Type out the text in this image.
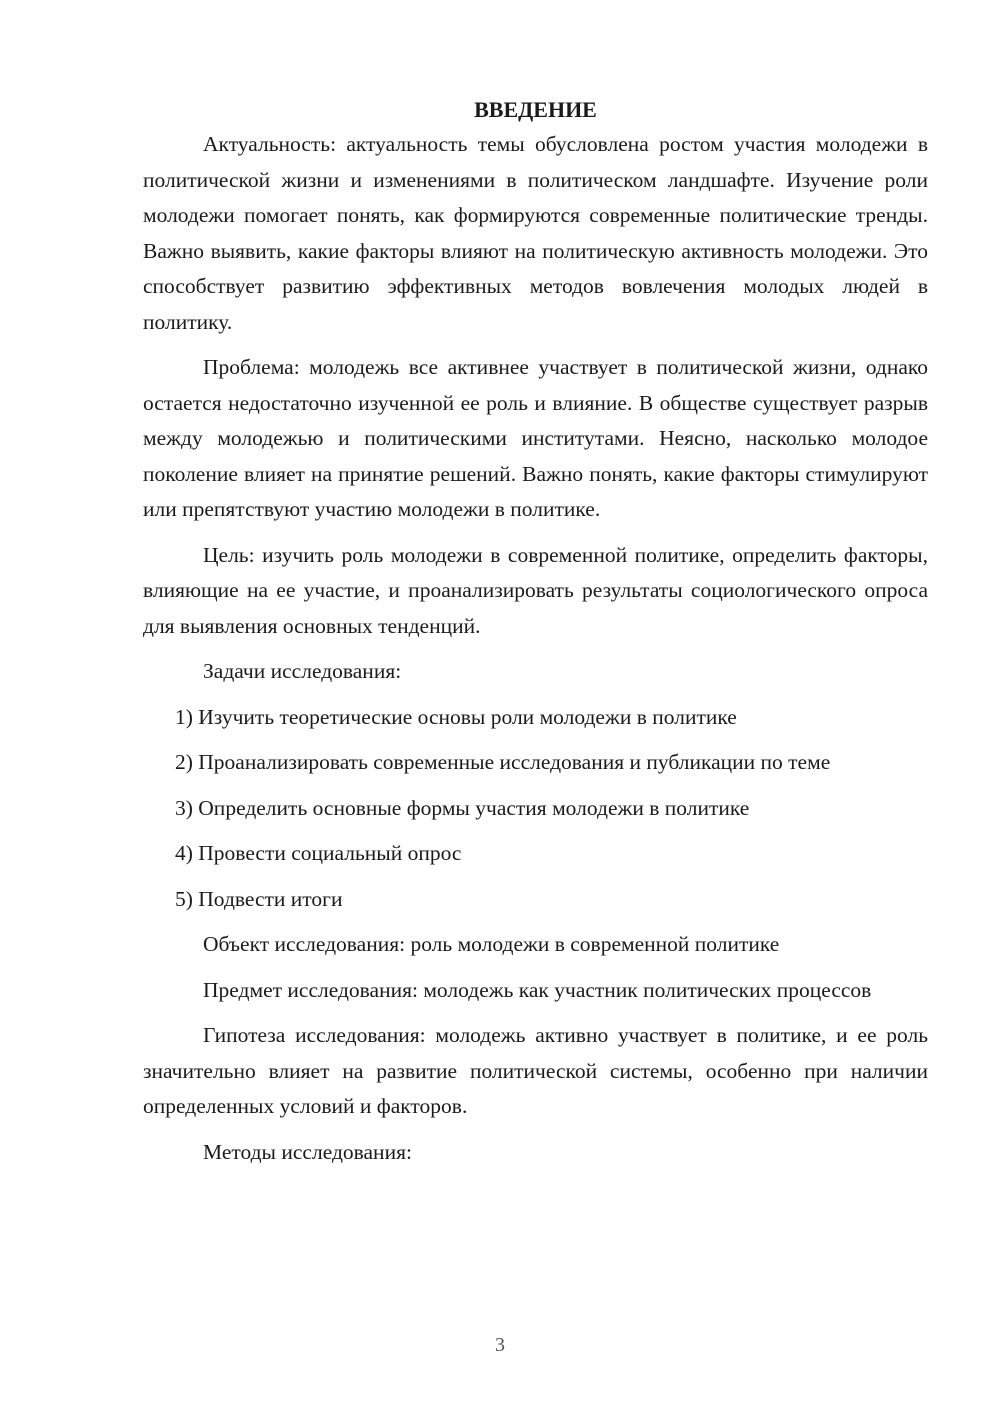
ВВЕДЕНИЕ

Актуальность: актуальность темы обусловлена ростом участия молодежи в политической жизни и изменениями в политическом ландшафте. Изучение роли молодежи помогает понять, как формируются современные политические тренды. Важно выявить, какие факторы влияют на политическую активность молодежи. Это способствует развитию эффективных методов вовлечения молодых людей в политику.

Проблема: молодежь все активнее участвует в политической жизни, однако остается недостаточно изученной ее роль и влияние. В обществе существует разрыв между молодежью и политическими институтами. Неясно, насколько молодое поколение влияет на принятие решений. Важно понять, какие факторы стимулируют или препятствуют участию молодежи в политике.

Цель: изучить роль молодежи в современной политике, определить факторы, влияющие на ее участие, и проанализировать результаты социологического опроса для выявления основных тенденций.

Задачи исследования:

1) Изучить теоретические основы роли молодежи в политике

2) Проанализировать современные исследования и публикации по теме

3) Определить основные формы участия молодежи в политике

4) Провести социальный опрос

5) Подвести итоги

Объект исследования: роль молодежи в современной политике

Предмет исследования: молодежь как участник политических процессов

Гипотеза исследования: молодежь активно участвует в политике, и ее роль значительно влияет на развитие политической системы, особенно при наличии определенных условий и факторов.

Методы исследования:

3
